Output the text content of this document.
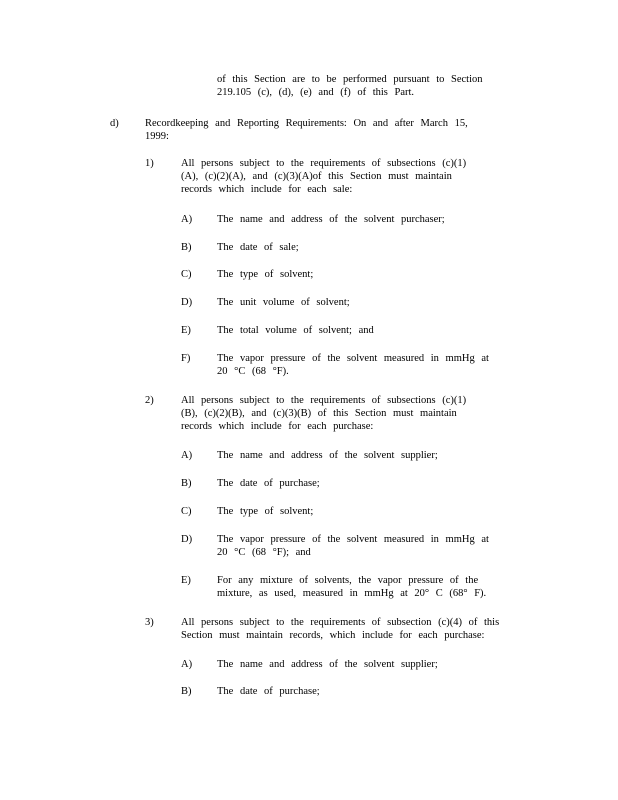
of this Section are to be performed pursuant to Section 219.105 (c), (d), (e) and (f) of this Part.

d)	Recordkeeping and Reporting Requirements: On and after March 15, 1999:

1)	All persons subject to the requirements of subsections (c)(1)(A), (c)(2)(A), and (c)(3)(A)of this Section must maintain records which include for each sale:

A) The name and address of the solvent purchaser;

B) The date of sale;

C) The type of solvent;

D) The unit volume of solvent;

E) The total volume of solvent; and

F)	The vapor pressure of the solvent measured in mmHg at 20 °C (68 °F).

2)	All persons subject to the requirements of subsections (c)(1)(B), (c)(2)(B), and (c)(3)(B) of this Section must maintain records which include for each purchase:

A) The name and address of the solvent supplier;

B) The date of purchase;

C) The type of solvent;

D) The vapor pressure of the solvent measured in mmHg at 20 °C (68 °F); and

E) For any mixture of solvents, the vapor pressure of the mixture, as used, measured in mmHg at 20° C (68° F).

3)	All persons subject to the requirements of subsection (c)(4) of this Section must maintain records, which include for each purchase:

A) The name and address of the solvent supplier;

B) The date of purchase;
